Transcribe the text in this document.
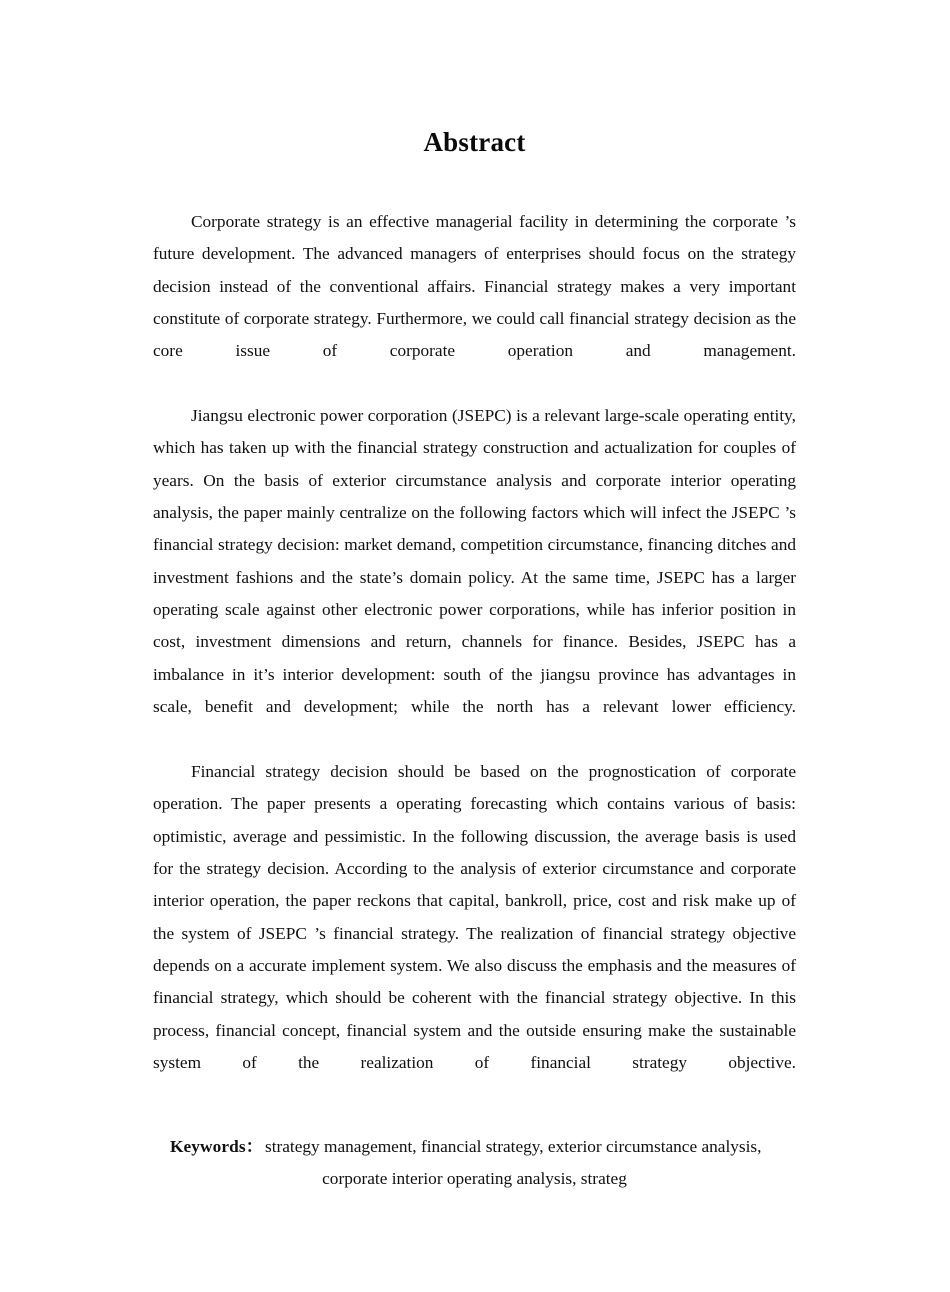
Abstract

Corporate strategy is an effective managerial facility in determining the corporate ’s future development. The advanced managers of enterprises should focus on the strategy decision instead of the conventional affairs. Financial strategy makes a very important constitute of corporate strategy. Furthermore, we could call financial strategy decision as the core issue of corporate operation and management.

Jiangsu electronic power corporation (JSEPC) is a relevant large-scale operating entity, which has taken up with the financial strategy construction and actualization for couples of years. On the basis of exterior circumstance analysis and corporate interior operating analysis, the paper mainly centralize on the following factors which will infect the JSEPC ’s financial strategy decision: market demand, competition circumstance, financing ditches and investment fashions and the state’s domain policy. At the same time, JSEPC has a larger operating scale against other electronic power corporations, while has inferior position in cost, investment dimensions and return, channels for finance. Besides, JSEPC has a imbalance in it’s interior development: south of the jiangsu province has advantages in scale, benefit and development; while the north has a relevant lower efficiency.

Financial strategy decision should be based on the prognostication of corporate operation. The paper presents a operating forecasting which contains various of basis: optimistic, average and pessimistic. In the following discussion, the average basis is used for the strategy decision. According to the analysis of exterior circumstance and corporate interior operation, the paper reckons that capital, bankroll, price, cost and risk make up of the system of JSEPC ’s financial strategy. The realization of financial strategy objective depends on a accurate implement system. We also discuss the emphasis and the measures of financial strategy, which should be coherent with the financial strategy objective. In this process, financial concept, financial system and the outside ensuring make the sustainable system of the realization of financial strategy objective.

Keywords： strategy management, financial strategy, exterior circumstance analysis,
corporate interior operating analysis, strateg
